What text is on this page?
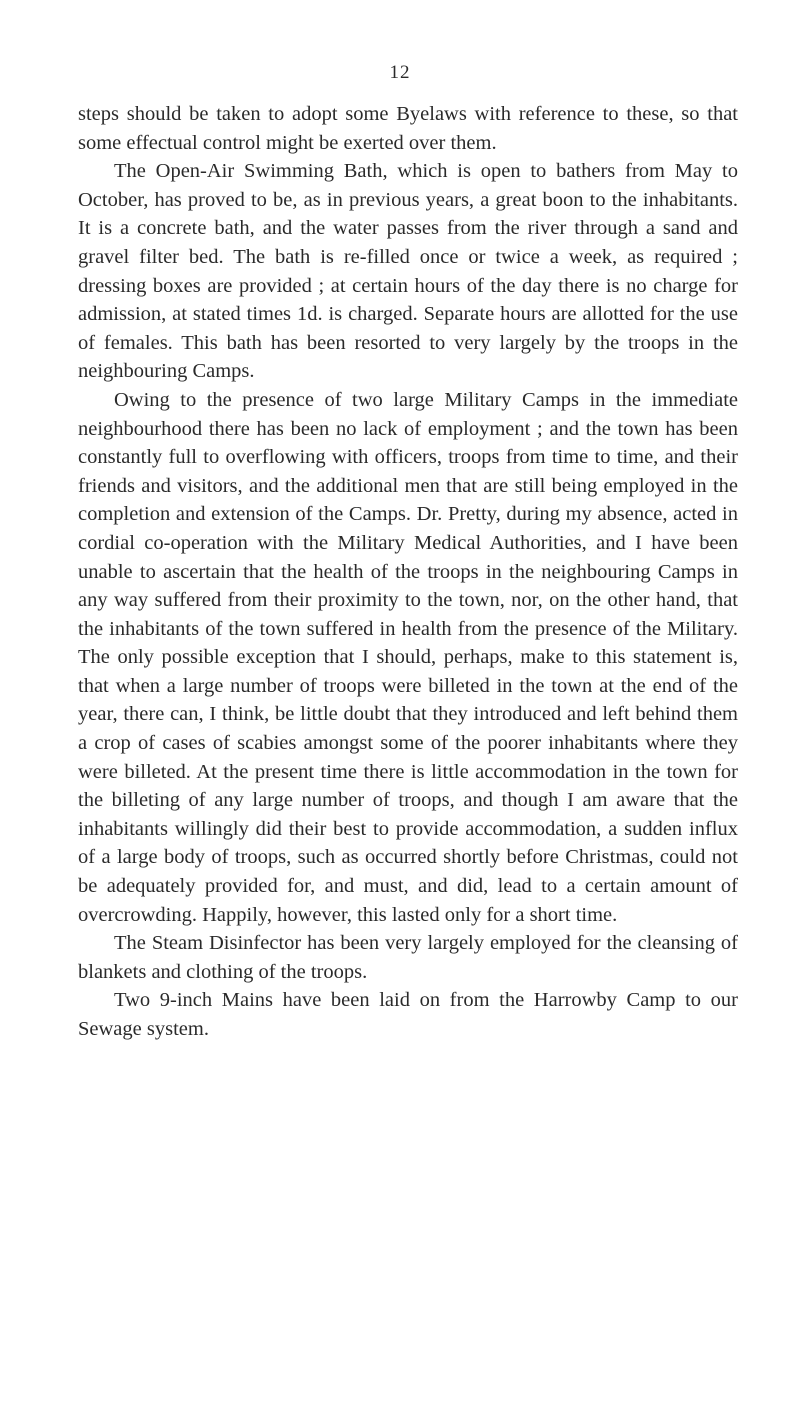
12

steps should be taken to adopt some Byelaws with reference to these, so that some effectual control might be exerted over them.

The Open-Air Swimming Bath, which is open to bathers from May to October, has proved to be, as in previous years, a great boon to the inhabitants. It is a concrete bath, and the water passes from the river through a sand and gravel filter bed. The bath is re-filled once or twice a week, as required ; dressing boxes are provided ; at certain hours of the day there is no charge for admission, at stated times 1d. is charged. Separate hours are allotted for the use of females. This bath has been resorted to very largely by the troops in the neighbouring Camps.

Owing to the presence of two large Military Camps in the immediate neighbourhood there has been no lack of employment ; and the town has been constantly full to overflowing with officers, troops from time to time, and their friends and visitors, and the additional men that are still being employed in the completion and extension of the Camps. Dr. Pretty, during my absence, acted in cordial co-operation with the Military Medical Authorities, and I have been unable to ascertain that the health of the troops in the neighbouring Camps in any way suffered from their proximity to the town, nor, on the other hand, that the inhabitants of the town suffered in health from the presence of the Military. The only possible exception that I should, perhaps, make to this statement is, that when a large number of troops were billeted in the town at the end of the year, there can, I think, be little doubt that they introduced and left behind them a crop of cases of scabies amongst some of the poorer inhabitants where they were billeted. At the present time there is little accommodation in the town for the billeting of any large number of troops, and though I am aware that the inhabitants willingly did their best to provide accommodation, a sudden influx of a large body of troops, such as occurred shortly before Christmas, could not be adequately provided for, and must, and did, lead to a certain amount of overcrowding. Happily, however, this lasted only for a short time.

The Steam Disinfector has been very largely employed for the cleansing of blankets and clothing of the troops.

Two 9-inch Mains have been laid on from the Harrowby Camp to our Sewage system.
